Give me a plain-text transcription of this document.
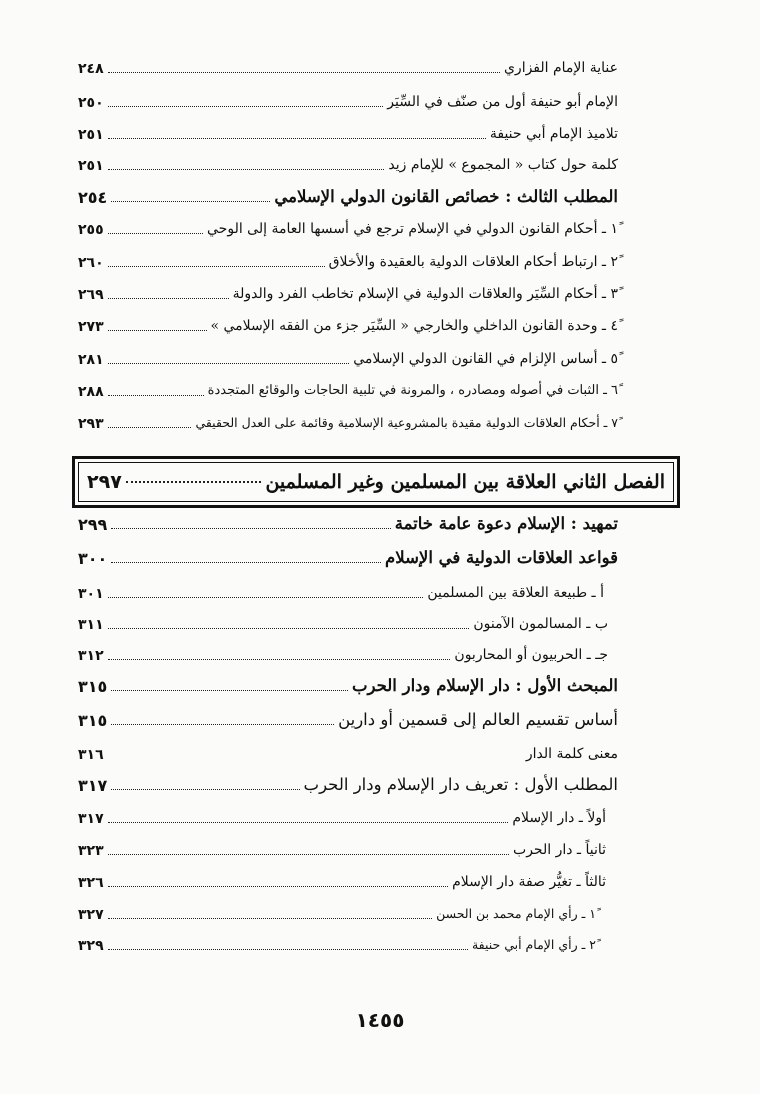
٢٤٨	عناية الإمام الفزاري
٢٥٠	الإمام أبو حنيفة أول من صنّف في السِّيَر
٢٥١	تلاميذ الإمام أبي حنيفة
٢٥١	كلمة حول كتاب « المجموع » للإمام زيد
٢٥٤	المطلب الثالث : خصائص القانون الدولي الإسلامي
٢٥٥	١ً ـ أحكام القانون الدولي في الإسلام ترجع في أسسها العامة إلى الوحي
٢٦٠	٢ً ـ ارتباط أحكام العلاقات الدولية بالعقيدة والأخلاق
٢٦٩	٣ً ـ أحكام السِّيَر والعلاقات الدولية في الإسلام تخاطب الفرد والدولة
٢٧٣	٤ً ـ وحدة القانون الداخلي والخارجي « السِّيَر جزء من الفقه الإسلامي »
٢٨١	٥ً ـ أساس الإلزام في القانون الدولي الإسلامي
٢٨٨	٦ً ـ الثبات في أصوله ومصادره ، والمرونة في تلبية الحاجات والوقائع المتجددة
٢٩٣	٧ً ـ أحكام العلاقات الدولية مقيدة بالمشروعية الإسلامية وقائمة على العدل الحقيقي
٢٩٧	الفصل الثاني العلاقة بين المسلمين وغير المسلمين
٢٩٩	تمهيد : الإسلام دعوة عامة خاتمة
٣٠٠	قواعد العلاقات الدولية في الإسلام
٣٠١	أ ـ طبيعة العلاقة بين المسلمين
٣١١	ب ـ المسالمون الآمنون
٣١٢	جـ ـ الحربيون أو المحاربون
٣١٥	المبحث الأول : دار الإسلام ودار الحرب
٣١٥	أساس تقسيم العالم إلى قسمين أو دارين
٣١٦	معنى كلمة الدار
٣١٧	المطلب الأول : تعريف دار الإسلام ودار الحرب
٣١٧	أولاً ـ دار الإسلام
٣٢٣	ثانياً ـ دار الحرب
٣٢٦	ثالثاً ـ تغيُّر صفة دار الإسلام
٣٢٧	١ً ـ رأي الإمام محمد بن الحسن
٣٢٩	٢ً ـ رأي الإمام أبي حنيفة
١٤٥٥
